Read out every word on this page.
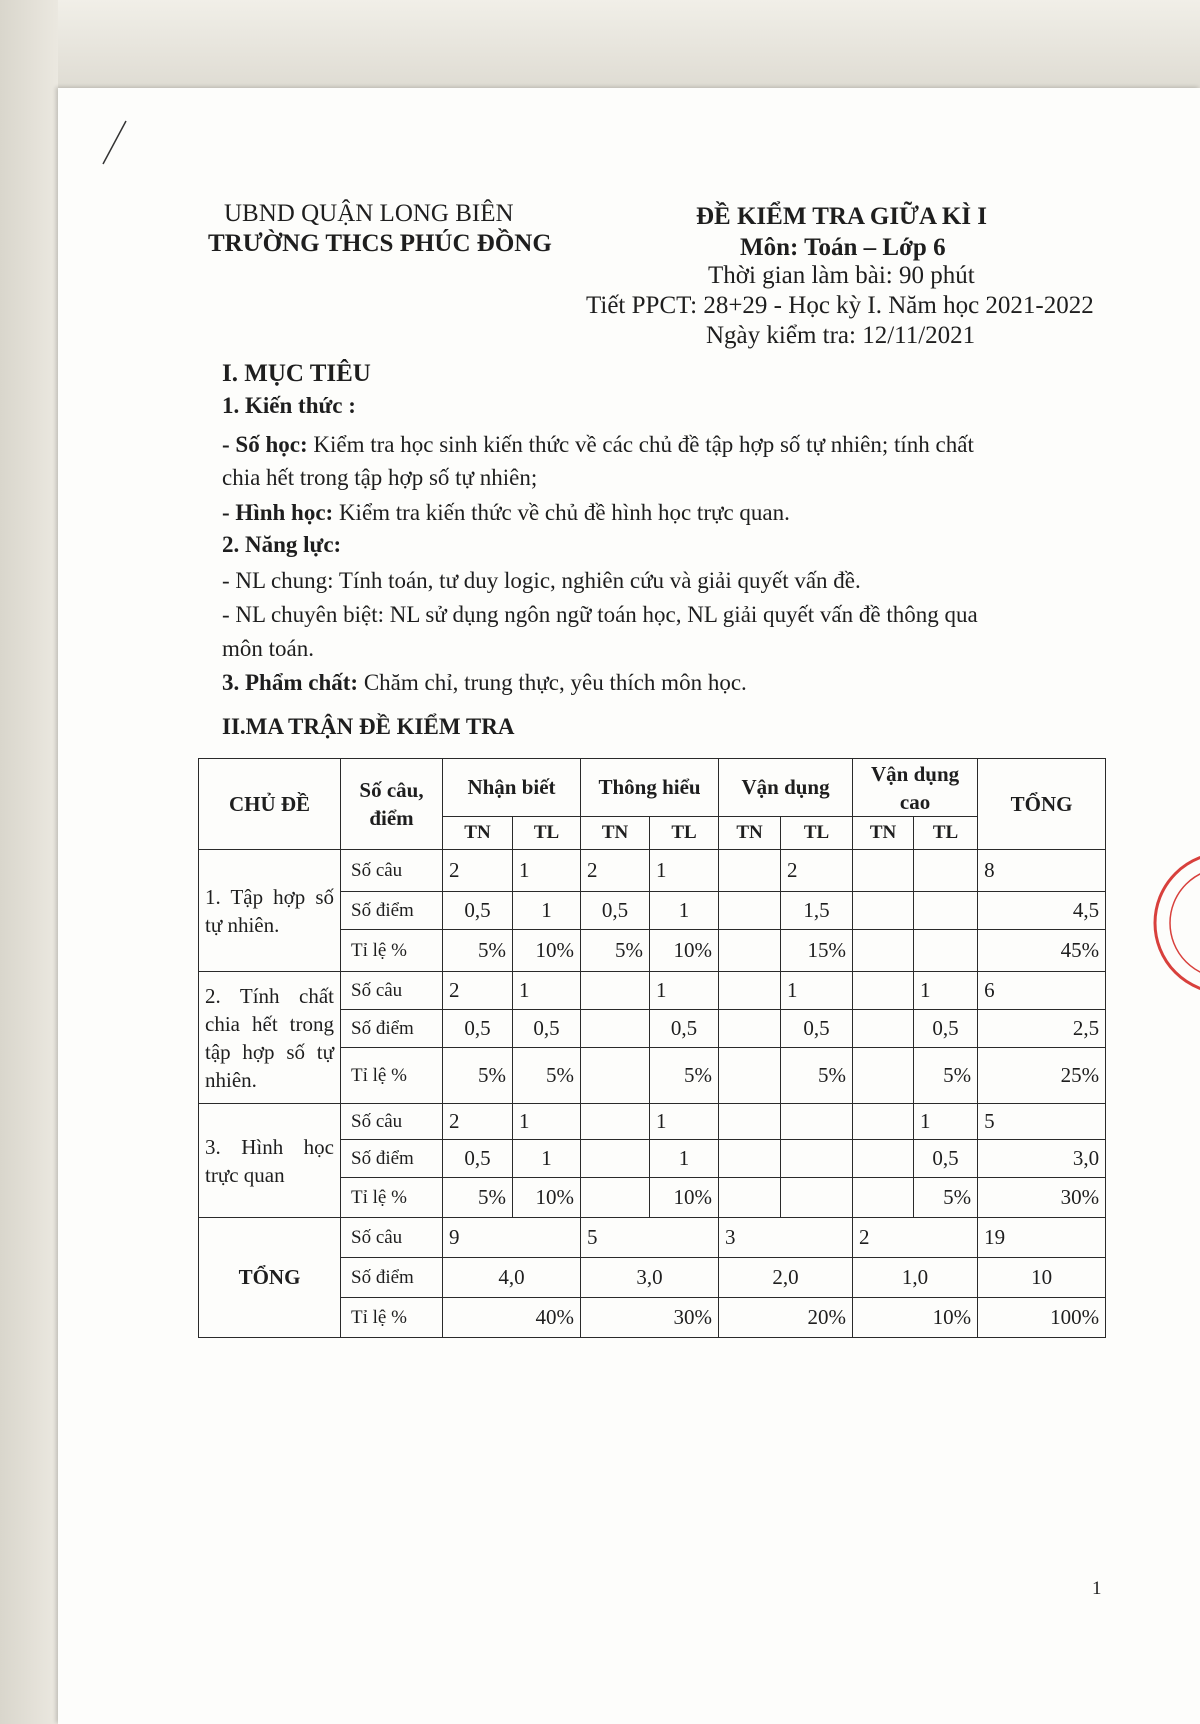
UBND QUẬN LONG BIÊN
TRƯỜNG THCS PHÚC ĐỒNG
ĐỀ KIỂM TRA GIỮA KÌ I
Môn: Toán – Lớp 6
Thời gian làm bài: 90 phút
Tiết PPCT: 28+29 - Học kỳ I. Năm học 2021-2022
Ngày kiểm tra: 12/11/2021
I. MỤC TIÊU
1. Kiến thức :
- Số học: Kiểm tra học sinh kiến thức về các chủ đề tập hợp số tự nhiên; tính chất
chia hết trong tập hợp số tự nhiên;
- Hình học: Kiểm tra kiến thức về chủ đề hình học trực quan.
2. Năng lực:
- NL chung: Tính toán, tư duy logic, nghiên cứu và giải quyết vấn đề.
- NL chuyên biệt: NL sử dụng ngôn ngữ toán học, NL giải quyết vấn đề thông qua
môn toán.
3. Phẩm chất: Chăm chỉ, trung thực, yêu thích môn học.
II.MA TRẬN ĐỀ KIỂM TRA
CHỦ ĐỀ	Số câu, điểm	Nhận biết		Thông hiểu		Vận dụng		Vận dụng cao		TỔNG
		TN	TL	TN	TL	TN	TL	TN	TL	
1. Tập hợp số tự nhiên.	Số câu	2	1	2	1		2			8
	Số điểm	0,5	1	0,5	1		1,5			4,5
	Tỉ lệ %	5%	10%	5%	10%		15%			45%
2. Tính chất chia hết trong tập hợp số tự nhiên.	Số câu	2	1		1		1		1	6
	Số điểm	0,5	0,5		0,5		0,5		0,5	2,5
	Tỉ lệ %	5%	5%		5%		5%		5%	25%
3. Hình học trực quan	Số câu	2	1		1				1	5
	Số điểm	0,5	1		1				0,5	3,0
	Tỉ lệ %	5%	10%		10%				5%	30%
TỔNG	Số câu	9		5		3		2		19
	Số điểm	4,0		3,0		2,0		1,0		10
	Tỉ lệ %	40%		30%		20%		10%		100%
1
